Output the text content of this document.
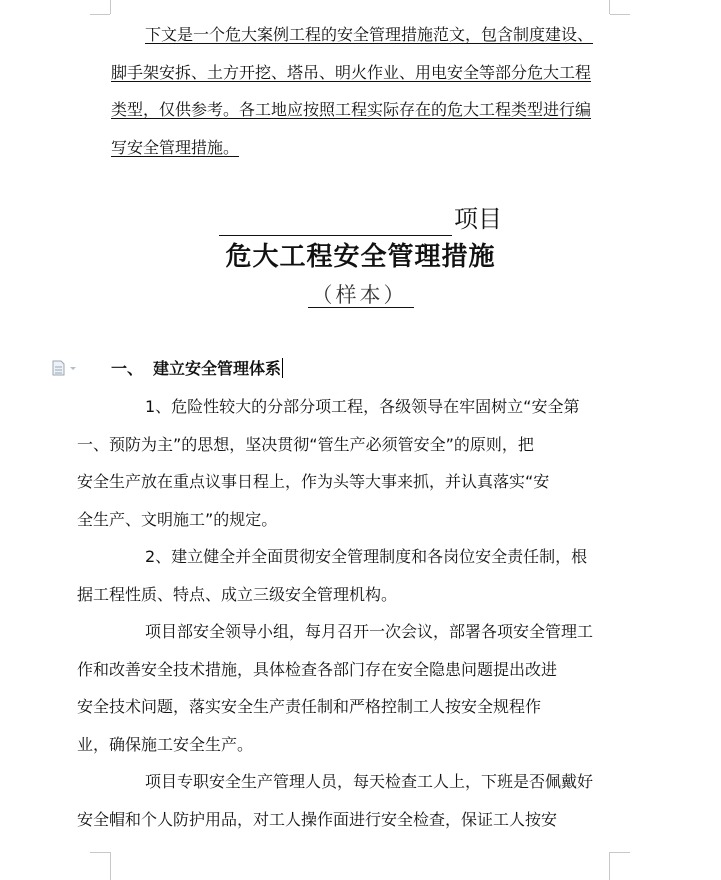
下文是一个危大案例工程的安全管理措施范文，包含制度建设、
脚手架安拆、土方开挖、塔吊、明火作业、用电安全等部分危大工程
类型，仅供参考。各工地应按照工程实际存在的危大工程类型进行编
写安全管理措施。
项目
危大工程安全管理措施
（样本）
一、 建立安全管理体系

1、危险性较大的分部分项工程，各级领导在牢固树立“安全第
一、预防为主”的思想，坚决贯彻“管生产必须管安全”的原则，把
安全生产放在重点议事日程上，作为头等大事来抓，并认真落实“安
全生产、文明施工”的规定。

2、建立健全并全面贯彻安全管理制度和各岗位安全责任制，根
据工程性质、特点、成立三级安全管理机构。

项目部安全领导小组，每月召开一次会议，部署各项安全管理工
作和改善安全技术措施，具体检查各部门存在安全隐患问题提出改进
安全技术问题，落实安全生产责任制和严格控制工人按安全规程作
业，确保施工安全生产。

项目专职安全生产管理人员，每天检查工人上，下班是否佩戴好
安全帽和个人防护用品，对工人操作面进行安全检查，保证工人按安
